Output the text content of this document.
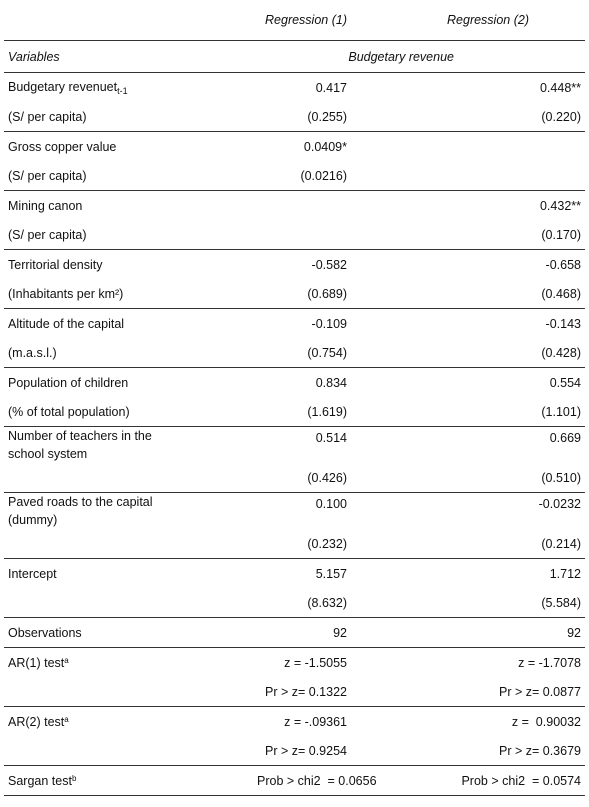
	Regression (1)	Regression (2)
Variables	Budgetary revenue	
Budgetary revenuet$_{t-1}$	0.417	0.448**
(S/ per capita)	(0.255)	(0.220)
Gross copper value	0.0409*	
(S/ per capita)	(0.0216)	
Mining canon		0.432**
(S/ per capita)		(0.170)
Territorial density	-0.582	-0.658
(Inhabitants per km²)	(0.689)	(0.468)
Altitude of the capital	-0.109	-0.143
(m.a.s.l.)	(0.754)	(0.428)
Population of children	0.834	0.554
(% of total population)	(1.619)	(1.101)

Number of teachers in the school system	0.514	0.669
	(0.426)	(0.510)

Paved roads to the capital (dummy)	0.100	-0.0232
	(0.232)	(0.214)
Intercept	5.157	1.712
	(8.632)	(5.584)
Observations	92	92
AR(1) test$^a$	z = -1.5055	z = -1.7078
	Pr > z= 0.1322	Pr > z= 0.0877
AR(2) test$^a$	z = -.09361	z =  0.90032
	Pr > z= 0.9254	Pr > z= 0.3679
Sargan test$^b$	Prob > chi2  = 0.0656	Prob > chi2  = 0.0574
